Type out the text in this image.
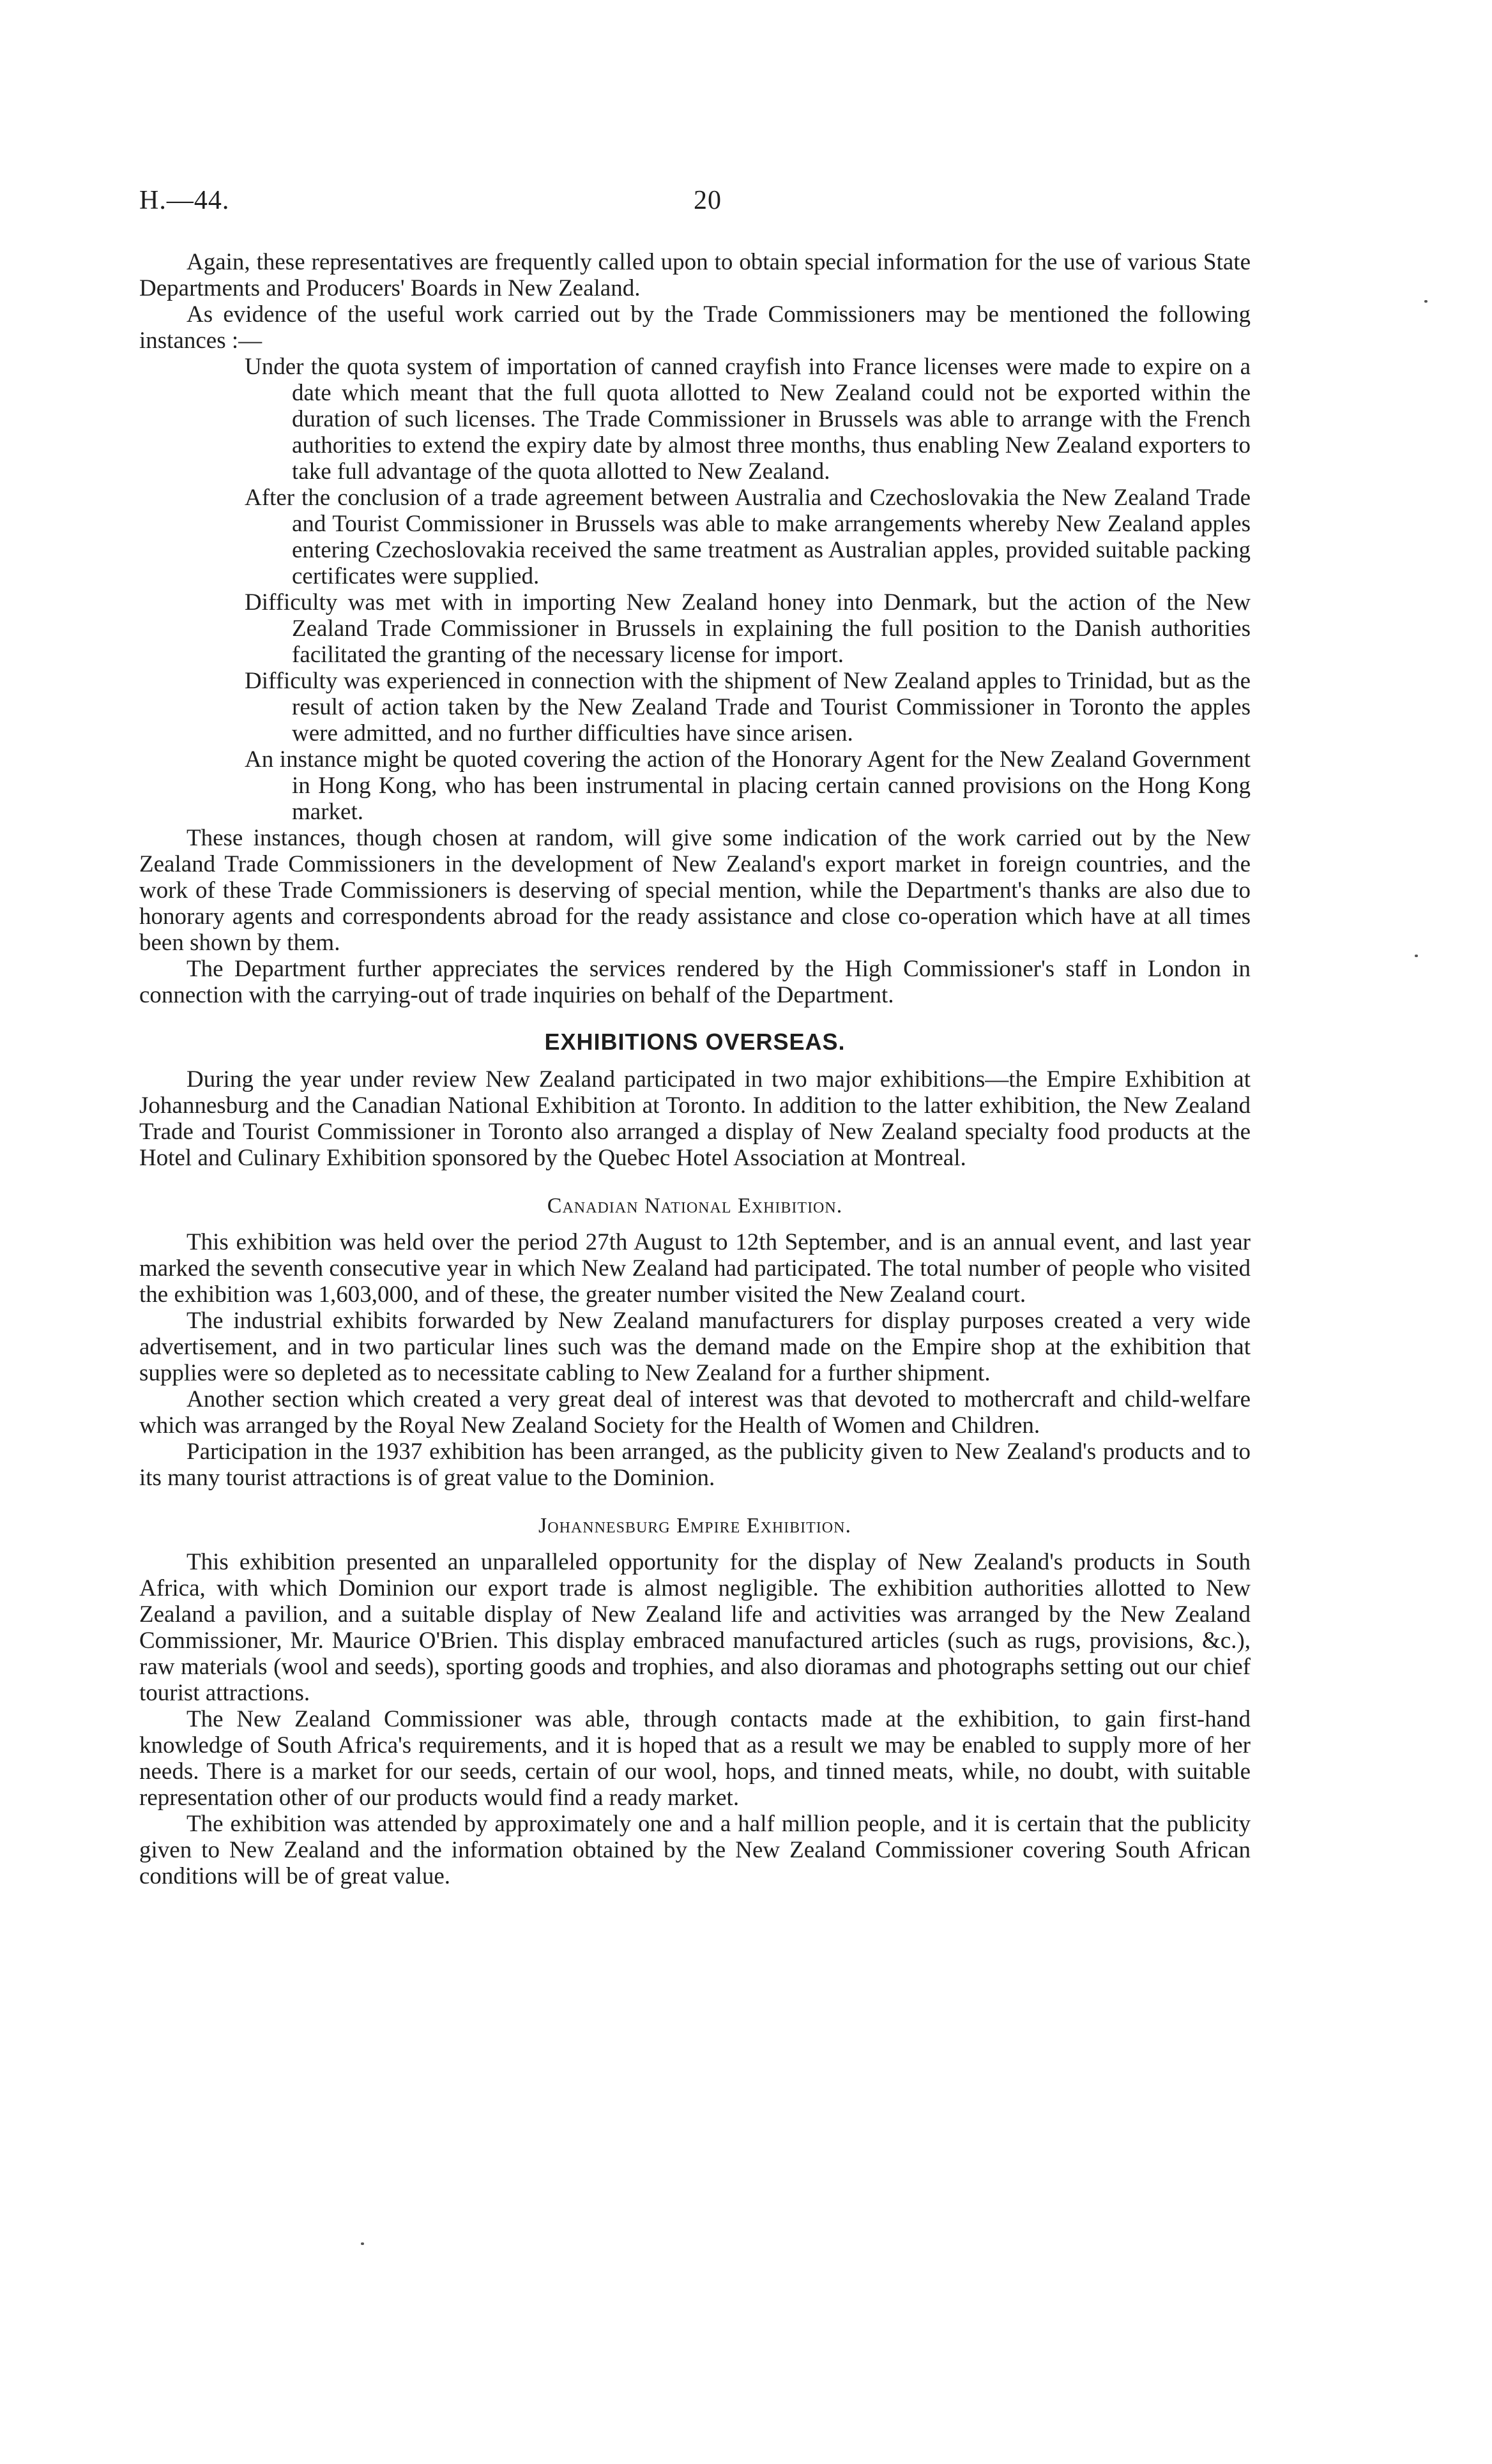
H.—44.	20

Again, these representatives are frequently called upon to obtain special information for the use of various State Departments and Producers' Boards in New Zealand.

As evidence of the useful work carried out by the Trade Commissioners may be mentioned the following instances :—

Under the quota system of importation of canned crayfish into France licenses were made to expire on a date which meant that the full quota allotted to New Zealand could not be exported within the duration of such licenses. The Trade Commissioner in Brussels was able to arrange with the French authorities to extend the expiry date by almost three months, thus enabling New Zealand exporters to take full advantage of the quota allotted to New Zealand.

After the conclusion of a trade agreement between Australia and Czechoslovakia the New Zealand Trade and Tourist Commissioner in Brussels was able to make arrangements whereby New Zealand apples entering Czechoslovakia received the same treatment as Australian apples, provided suitable packing certificates were supplied.

Difficulty was met with in importing New Zealand honey into Denmark, but the action of the New Zealand Trade Commissioner in Brussels in explaining the full position to the Danish authorities facilitated the granting of the necessary license for import.

Difficulty was experienced in connection with the shipment of New Zealand apples to Trinidad, but as the result of action taken by the New Zealand Trade and Tourist Commissioner in Toronto the apples were admitted, and no further difficulties have since arisen.

An instance might be quoted covering the action of the Honorary Agent for the New Zealand Government in Hong Kong, who has been instrumental in placing certain canned provisions on the Hong Kong market.

These instances, though chosen at random, will give some indication of the work carried out by the New Zealand Trade Commissioners in the development of New Zealand's export market in foreign countries, and the work of these Trade Commissioners is deserving of special mention, while the Department's thanks are also due to honorary agents and correspondents abroad for the ready assistance and close co-operation which have at all times been shown by them.

The Department further appreciates the services rendered by the High Commissioner's staff in London in connection with the carrying-out of trade inquiries on behalf of the Department.

EXHIBITIONS OVERSEAS.

During the year under review New Zealand participated in two major exhibitions—the Empire Exhibition at Johannesburg and the Canadian National Exhibition at Toronto. In addition to the latter exhibition, the New Zealand Trade and Tourist Commissioner in Toronto also arranged a display of New Zealand specialty food products at the Hotel and Culinary Exhibition sponsored by the Quebec Hotel Association at Montreal.

Canadian National Exhibition.

This exhibition was held over the period 27th August to 12th September, and is an annual event, and last year marked the seventh consecutive year in which New Zealand had participated. The total number of people who visited the exhibition was 1,603,000, and of these, the greater number visited the New Zealand court.

The industrial exhibits forwarded by New Zealand manufacturers for display purposes created a very wide advertisement, and in two particular lines such was the demand made on the Empire shop at the exhibition that supplies were so depleted as to necessitate cabling to New Zealand for a further shipment.

Another section which created a very great deal of interest was that devoted to mothercraft and child-welfare which was arranged by the Royal New Zealand Society for the Health of Women and Children.

Participation in the 1937 exhibition has been arranged, as the publicity given to New Zealand's products and to its many tourist attractions is of great value to the Dominion.

Johannesburg Empire Exhibition.

This exhibition presented an unparalleled opportunity for the display of New Zealand's products in South Africa, with which Dominion our export trade is almost negligible. The exhibition authorities allotted to New Zealand a pavilion, and a suitable display of New Zealand life and activities was arranged by the New Zealand Commissioner, Mr. Maurice O'Brien. This display embraced manufactured articles (such as rugs, provisions, &c.), raw materials (wool and seeds), sporting goods and trophies, and also dioramas and photographs setting out our chief tourist attractions.

The New Zealand Commissioner was able, through contacts made at the exhibition, to gain first-hand knowledge of South Africa's requirements, and it is hoped that as a result we may be enabled to supply more of her needs. There is a market for our seeds, certain of our wool, hops, and tinned meats, while, no doubt, with suitable representation other of our products would find a ready market.

The exhibition was attended by approximately one and a half million people, and it is certain that the publicity given to New Zealand and the information obtained by the New Zealand Commissioner covering South African conditions will be of great value.
